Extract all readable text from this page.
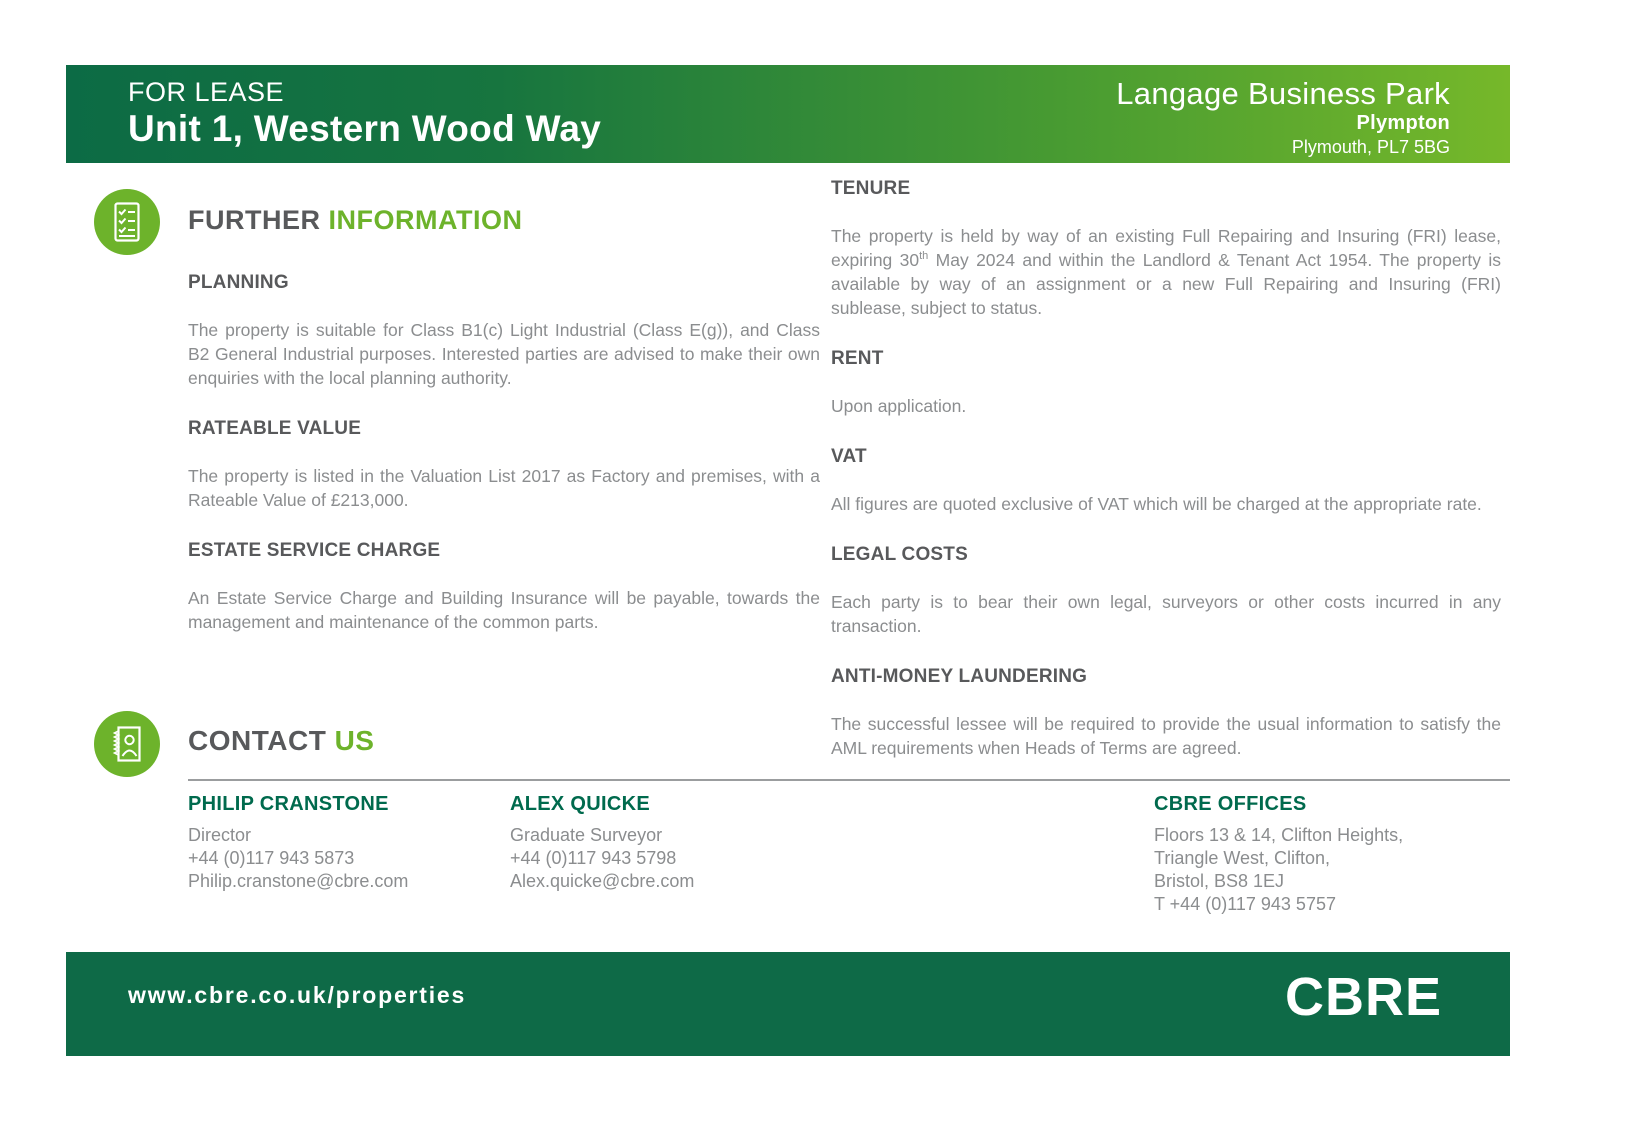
FOR LEASE
Unit 1, Western Wood Way
Langage Business Park
Plympton
Plymouth, PL7 5BG
FURTHER INFORMATION
PLANNING

The property is suitable for Class B1(c) Light Industrial (Class E(g)), and Class B2 General Industrial purposes. Interested parties are advised to make their own enquiries with the local planning authority.

RATEABLE VALUE

The property is listed in the Valuation List 2017 as Factory and premises, with a Rateable Value of £213,000.

ESTATE SERVICE CHARGE

An Estate Service Charge and Building Insurance will be payable, towards the management and maintenance of the common parts.

TENURE

The property is held by way of an existing Full Repairing and Insuring (FRI) lease, expiring 30th May 2024 and within the Landlord & Tenant Act 1954. The property is available by way of an assignment or a new Full Repairing and Insuring (FRI) sublease, subject to status.

RENT

Upon application.

VAT

All figures are quoted exclusive of VAT which will be charged at the appropriate rate.

LEGAL COSTS

Each party is to bear their own legal, surveyors or other costs incurred in any transaction.

ANTI-MONEY LAUNDERING

The successful lessee will be required to provide the usual information to satisfy the AML requirements when Heads of Terms are agreed.

CONTACT US
PHILIP CRANSTONE
Director
+44 (0)117 943 5873
Philip.cranstone@cbre.com
ALEX QUICKE
Graduate Surveyor
+44 (0)117 943 5798
Alex.quicke@cbre.com
CBRE OFFICES
Floors 13 & 14, Clifton Heights,
Triangle West, Clifton,
Bristol, BS8 1EJ
T +44 (0)117 943 5757
www.cbre.co.uk/properties	CBRE
